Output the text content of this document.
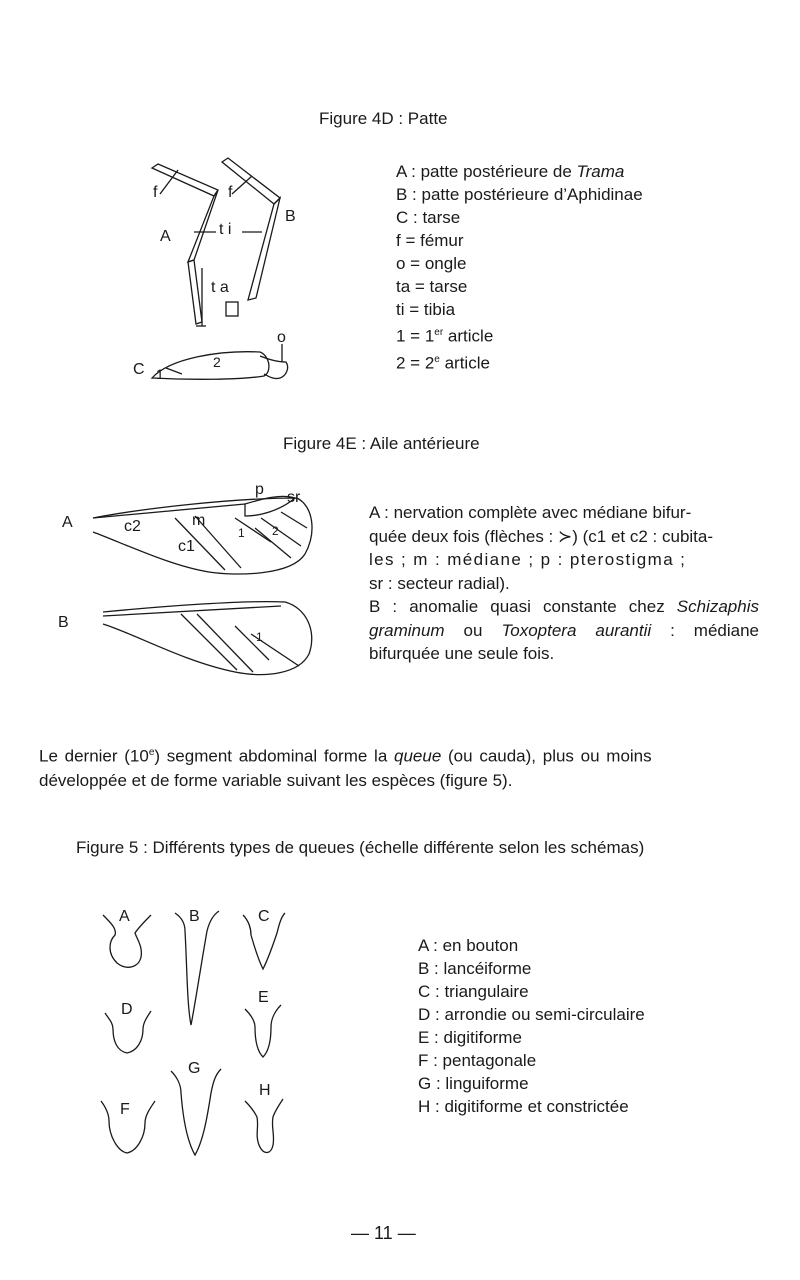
Figure 4D : Patte
A
f	f
B
t i
t a
o
C 1
2
A : patte postérieure de Trama
B : patte postérieure d’Aphidinae
C : tarse
f = fémur
o = ongle
ta = tarse
ti = tibia
1 = 1er article
$2 = 2^e$ article
Figure 4E : Aile antérieure
A
B
p sr
c2
c1
m
1 2
1
A : nervation complète avec médiane bifur-
quée deux fois (flèches : ≻) (c1 et c2 : cubita-
les ; m : médiane ; p : pterostigma ;
sr : secteur radial).
B : anomalie quasi constante chez Schizaphis graminum ou Toxoptera aurantii : médiane bifurquée une seule fois.
Le dernier (10e) segment abdominal forme la queue (ou cauda), plus ou moins
développée et de forme variable suivant les espèces (figure 5).
Figure 5 : Différents types de queues (échelle différente selon les schémas)
A	B	C
D
E
F
G
H
A : en bouton
B : lancéiforme
C : triangulaire
D : arrondie ou semi-circulaire
E : digitiforme
F : pentagonale
G : linguiforme
H : digitiforme et constrictée
— 11 —
